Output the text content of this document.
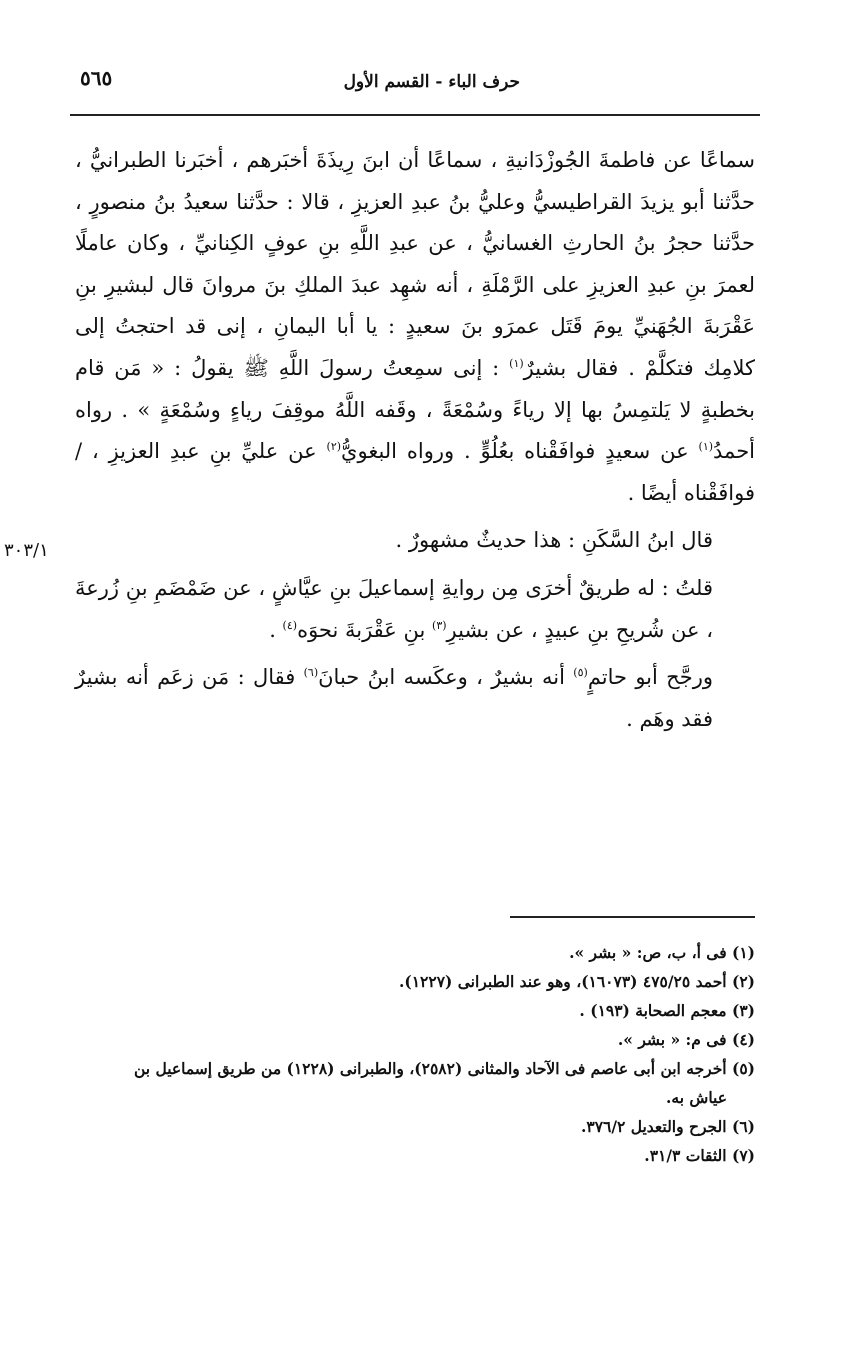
٥٦٥	حرف الباء - القسم الأول
٣٠٣/١

سماعًا عن فاطمةَ الجُوزْدَانيةِ ، سماعًا أن ابنَ رِيذَةَ أخبَرهم ، أخبَرنا الطبرانيُّ ، حدَّثنا أبو يزيدَ القراطيسيُّ وعليُّ بنُ عبدِ العزيزِ ، قالا : حدَّثنا سعيدُ بنُ منصورٍ ، حدَّثنا حجرُ بنُ الحارثِ الغسانيُّ ، عن عبدِ اللَّهِ بنِ عوفٍ الكِنانيِّ ، وكان عاملًا لعمرَ بنِ عبدِ العزيزِ على الرَّمْلَةِ ، أنه شهِد عبدَ الملكِ بنَ مروانَ قال لبشيرِ بنِ عَقْرَبةَ الجُهَنيِّ يومَ قَتَل عمرَو بنَ سعيدٍ : يا أبا اليمانِ ، إنى قد احتجتُ إلى كلامِك فتكلَّمْ . فقال بشيرٌ$^{(١)}$ : إنى سمِعتُ رسولَ اللَّهِ ﷺ يقولُ : « مَن قام بخطبةٍ لا يَلتمِسُ بها إلا رياءً وسُمْعَةً ، وقَفه اللَّهُ موقِفَ رياءٍ وسُمْعَةٍ » . رواه أحمدُ$^{(١)}$ عن سعيدٍ فوافَقْناه بعُلُوٍّ . ورواه البغويُّ$^{(٢)}$ عن عليِّ بنِ عبدِ العزيزِ ، /فوافَقْناه أيضًا .

قال ابنُ السَّكَنِ : هذا حديثٌ مشهورٌ .

قلتُ : له طريقٌ أخرَى مِن روايةِ إسماعيلَ بنِ عيَّاشٍ ، عن ضَمْضَمِ بنِ زُرعةَ ، عن شُريحِ بنِ عبيدٍ ، عن بشيرِ$^{(٣)}$ بنِ عَقْرَبةَ نحوَه$^{(٤)}$ .

ورجَّح أبو حاتمٍ$^{(٥)}$ أنه بشيرٌ ، وعكَسه ابنُ حبانَ$^{(٦)}$ فقال : مَن زعَم أنه بشيرٌ فقد وهَم .

(١) فى أ، ب، ص: « بشر ».

(٢) أحمد ٤٧٥/٢٥ (١٦٠٧٣)، وهو عند الطبرانى (١٢٢٧).

(٣) معجم الصحابة (١٩٣) .

(٤) فى م: « بشر ».

(٥) أخرجه ابن أبى عاصم فى الآحاد والمثانى (٢٥٨٢)، والطبرانى (١٢٢٨) من طريق إسماعيل بن

عياش به.

(٦) الجرح والتعديل ٣٧٦/٢.

(٧) الثقات ٣١/٣.
